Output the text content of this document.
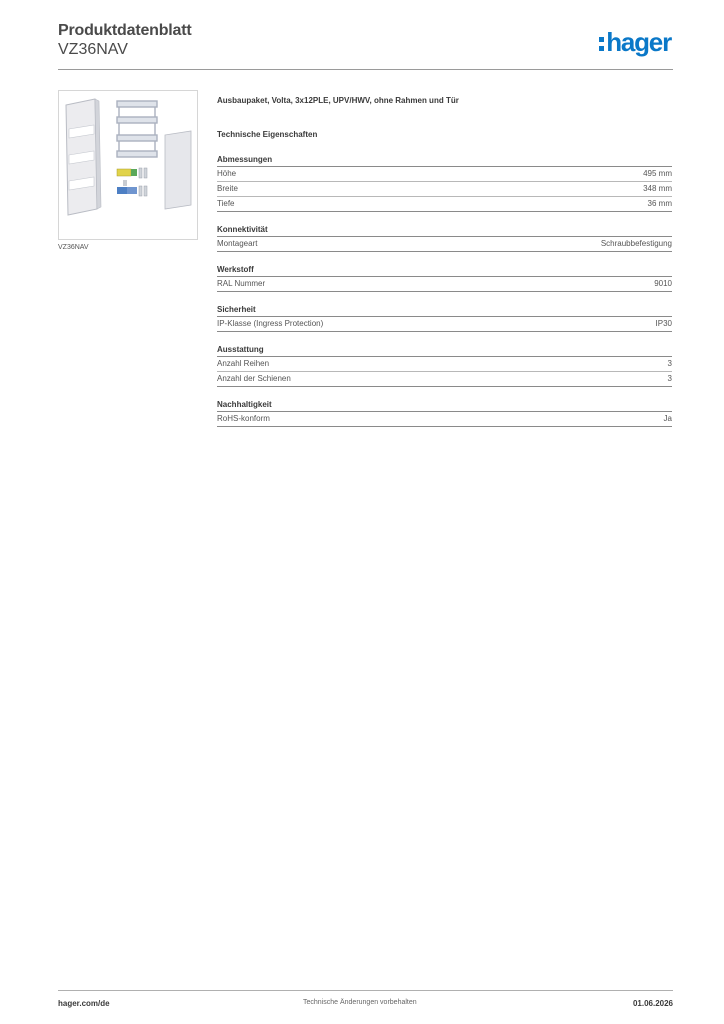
Produktdatenblatt
VZ36NAV	hager
VZ36NAV
Ausbaupaket, Volta, 3x12PLE, UPV/HWV, ohne Rahmen und Tür
Technische Eigenschaften
Abmessungen
Höhe	495 mm
Breite	348 mm
Tiefe	36 mm
Konnektivität
Montageart	Schraubbefestigung
Werkstoff
RAL Nummer	9010
Sicherheit
IP-Klasse (Ingress Protection)	IP30
Ausstattung
Anzahl Reihen	3
Anzahl der Schienen	3
Nachhaltigkeit
RoHS-konform	Ja
hager.com/de	Technische Änderungen vorbehalten	01.06.2026
